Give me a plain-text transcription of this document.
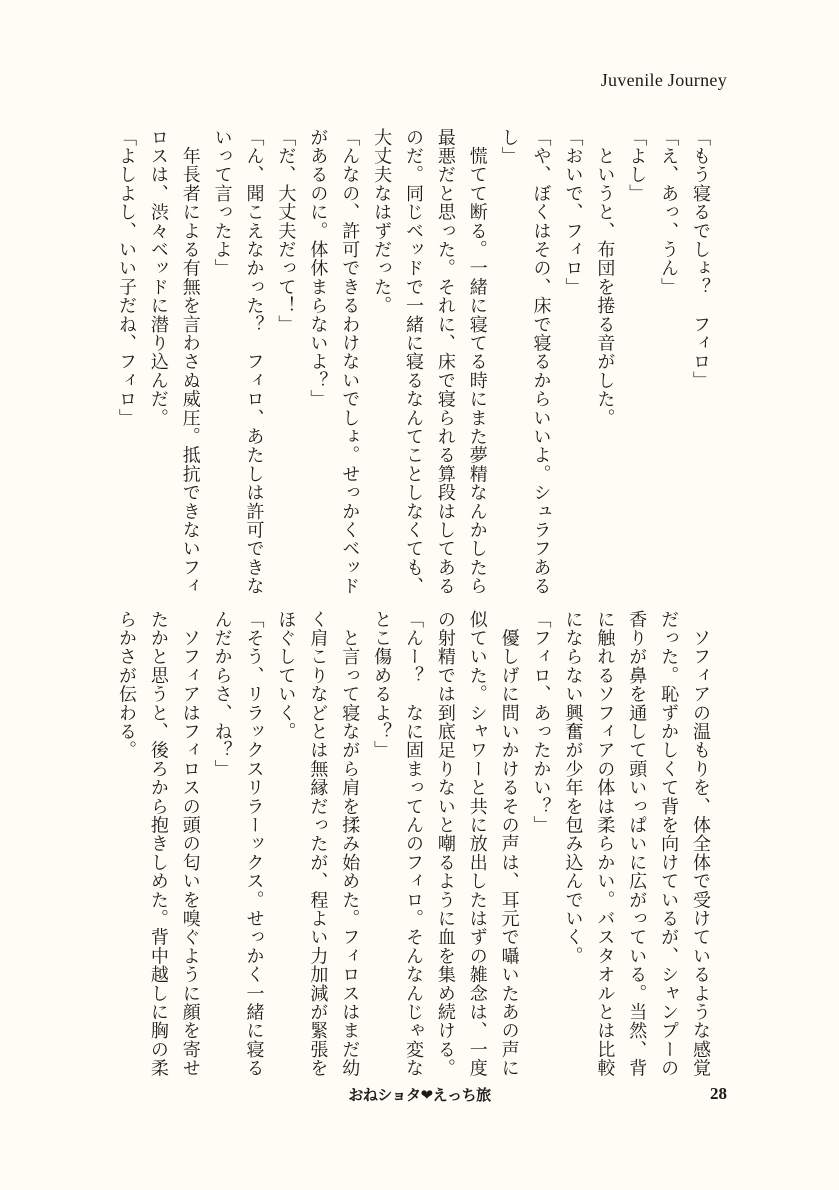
Juvenile Journey
「もう寝るでしょ？　フィロ」
「え、あっ、うん」
「よし」
　というと、布団を捲る音がした。
「おいで、フィロ」
「や、ぼくはその、床で寝るからいいよ。シュラフある
し」
　慌てて断る。一緒に寝てる時にまた夢精なんかしたら
最悪だと思った。それに、床で寝られる算段はしてある
のだ。同じベッドで一緒に寝るなんてことしなくても、
大丈夫なはずだった。
「んなの、許可できるわけないでしょ。せっかくベッド
があるのに。体休まらないよ？」
「だ、大丈夫だって！」
「ん、聞こえなかった？　フィロ、あたしは許可できな
いって言ったよ」
　年長者による有無を言わさぬ威圧。抵抗できないフィ
ロスは、渋々ベッドに潜り込んだ。
「よしよし、いい子だね、フィロ」
　ソフィアの温もりを、体全体で受けているような感覚
だった。恥ずかしくて背を向けているが、シャンプーの
香りが鼻を通して頭いっぱいに広がっている。当然、背
に触れるソフィアの体は柔らかい。バスタオルとは比較
にならない興奮が少年を包み込んでいく。
「フィロ、あったかい？」
　優しげに問いかけるその声は、耳元で囁いたあの声に
似ていた。シャワーと共に放出したはずの雑念は、一度
の射精では到底足りないと嘲るように血を集め続ける。
「んー？　なに固まってんのフィロ。そんなんじゃ変な
とこ傷めるよ？」
　と言って寝ながら肩を揉み始めた。フィロスはまだ幼
く肩こりなどとは無縁だったが、程よい力加減が緊張を
ほぐしていく。
「そう、リラックスリラーックス。せっかく一緒に寝る
んだからさ、ね？」
　ソフィアはフィロスの頭の匂いを嗅ぐように顔を寄せ
たかと思うと、後ろから抱きしめた。背中越しに胸の柔
らかさが伝わる。
おねショタ❤えっち旅	28
